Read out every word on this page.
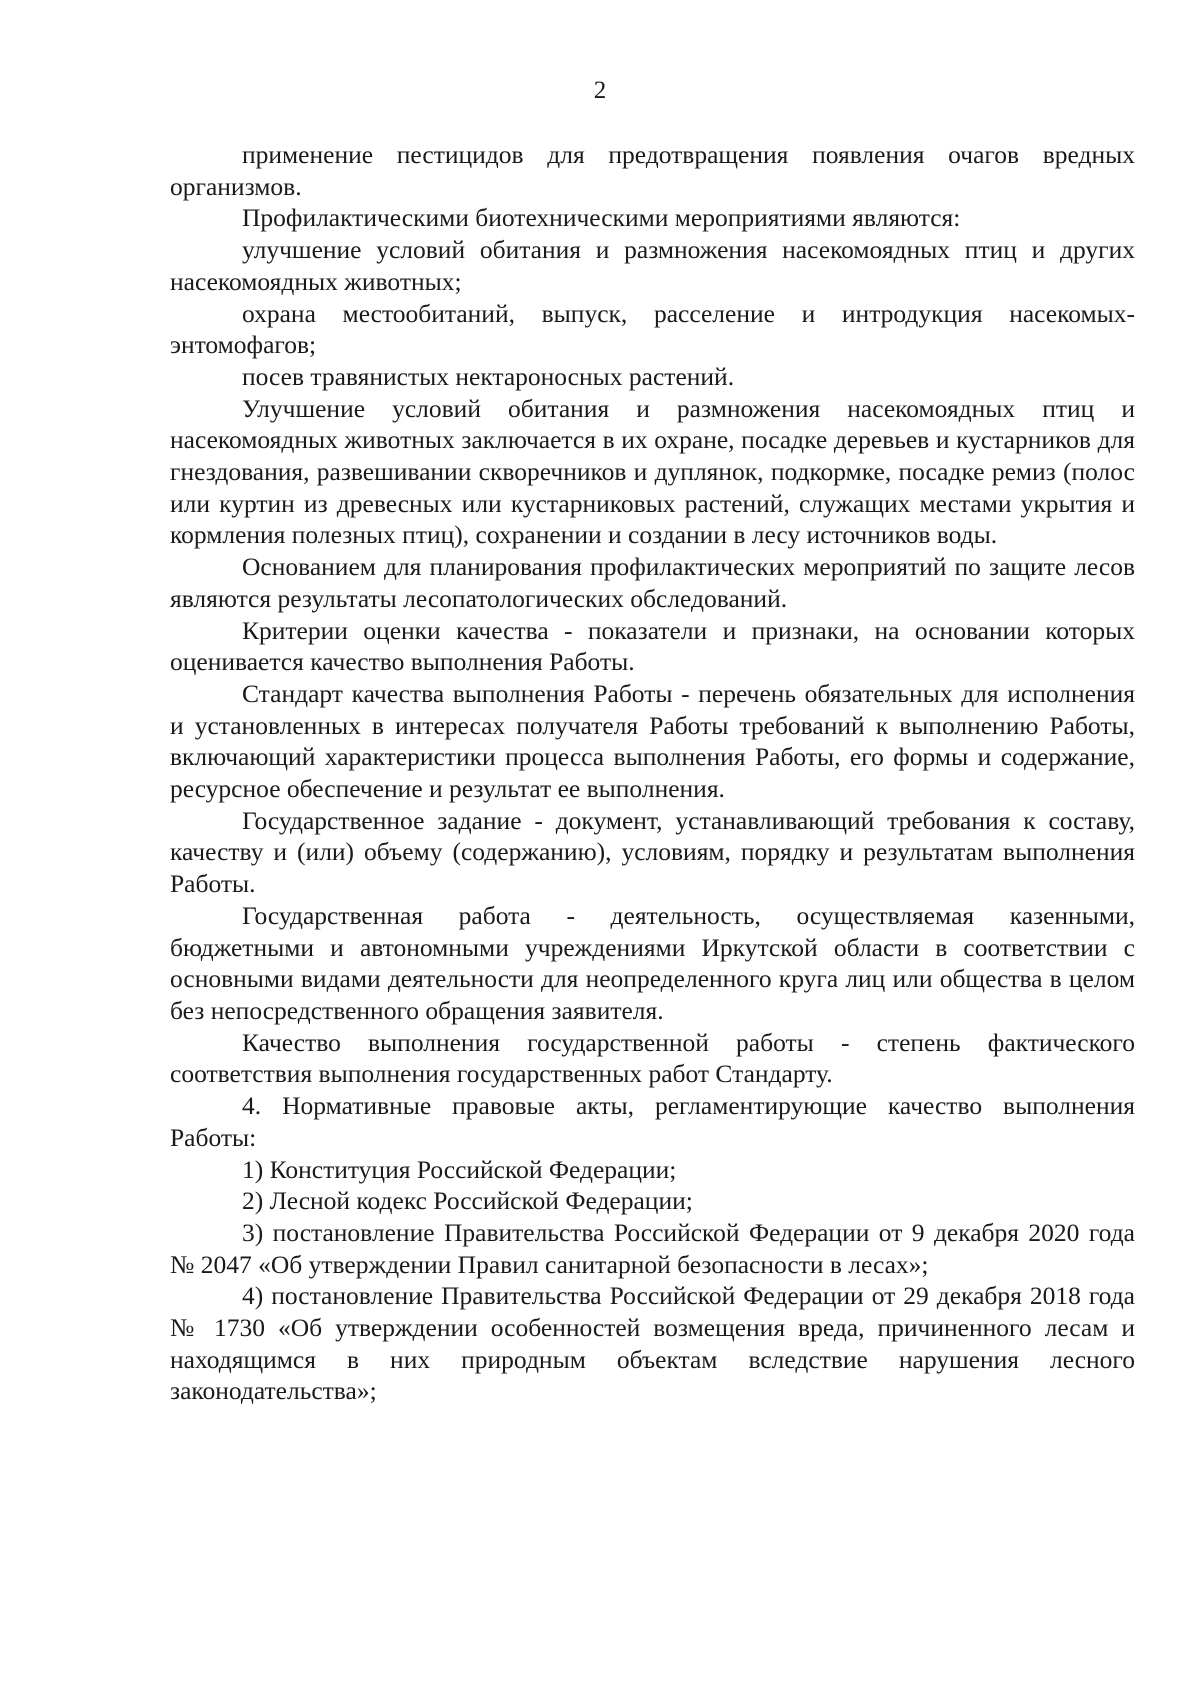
2

применение пестицидов для предотвращения появления очагов вредных организмов.

Профилактическими биотехническими мероприятиями являются:

улучшение условий обитания и размножения насекомоядных птиц и других насекомоядных животных;

охрана местообитаний, выпуск, расселение и интродукция насекомых-энтомофагов;

посев травянистых нектароносных растений.

Улучшение условий обитания и размножения насекомоядных птиц и насекомоядных животных заключается в их охране, посадке деревьев и кустарников для гнездования, развешивании скворечников и дуплянок, подкормке, посадке ремиз (полос или куртин из древесных или кустарниковых растений, служащих местами укрытия и кормления полезных птиц), сохранении и создании в лесу источников воды.

Основанием для планирования профилактических мероприятий по защите лесов являются результаты лесопатологических обследований.

Критерии оценки качества - показатели и признаки, на основании которых оценивается качество выполнения Работы.

Стандарт качества выполнения Работы - перечень обязательных для исполнения и установленных в интересах получателя Работы требований к выполнению Работы, включающий характеристики процесса выполнения Работы, его формы и содержание, ресурсное обеспечение и результат ее выполнения.

Государственное задание - документ, устанавливающий требования к составу, качеству и (или) объему (содержанию), условиям, порядку и результатам выполнения Работы.

Государственная работа - деятельность, осуществляемая казенными, бюджетными и автономными учреждениями Иркутской области в соответствии с основными видами деятельности для неопределенного круга лиц или общества в целом без непосредственного обращения заявителя.

Качество выполнения государственной работы - степень фактического соответствия выполнения государственных работ Стандарту.

4. Нормативные правовые акты, регламентирующие качество выполнения Работы:

1) Конституция Российской Федерации;

2) Лесной кодекс Российской Федерации;

3) постановление Правительства Российской Федерации от 9 декабря 2020 года № 2047 «Об утверждении Правил санитарной безопасности в лесах»;

4) постановление Правительства Российской Федерации от 29 декабря 2018 года № 1730 «Об утверждении особенностей возмещения вреда, причиненного лесам и находящимся в них природным объектам вследствие нарушения лесного законодательства»;
